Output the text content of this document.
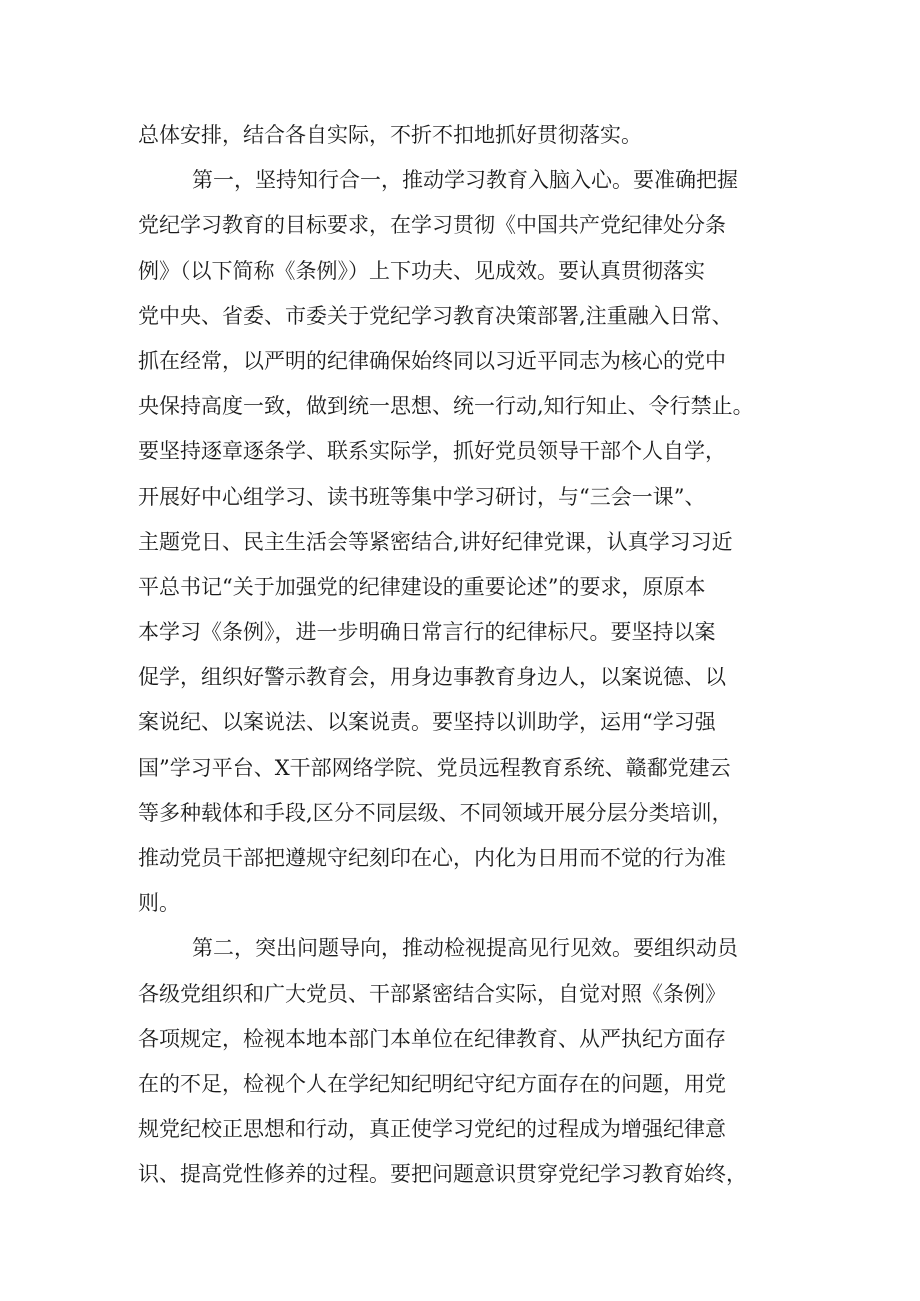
总体安排，结合各自实际，不折不扣地抓好贯彻落实。
第一，坚持知行合一，推动学习教育入脑入心。要准确把握
党纪学习教育的目标要求，在学习贯彻《中国共产党纪律处分条
例》（以下简称《条例》）上下功夫、见成效。要认真贯彻落实
党中央、省委、市委关于党纪学习教育决策部署,注重融入日常、
抓在经常，以严明的纪律确保始终同以习近平同志为核心的党中
央保持高度一致，做到统一思想、统一行动,知行知止、令行禁止。
要坚持逐章逐条学、联系实际学，抓好党员领导干部个人自学，
开展好中心组学习、读书班等集中学习研讨，与“三会一课”、
主题党日、民主生活会等紧密结合,讲好纪律党课，认真学习习近
平总书记“关于加强党的纪律建设的重要论述”的要求，原原本
本学习《条例》，进一步明确日常言行的纪律标尺。要坚持以案
促学，组织好警示教育会，用身边事教育身边人，以案说德、以
案说纪、以案说法、以案说责。要坚持以训助学，运用“学习强
国”学习平台、X干部网络学院、党员远程教育系统、赣鄱党建云
等多种载体和手段,区分不同层级、不同领域开展分层分类培训，
推动党员干部把遵规守纪刻印在心，内化为日用而不觉的行为准
则。
第二，突出问题导向，推动检视提高见行见效。要组织动员
各级党组织和广大党员、干部紧密结合实际，自觉对照《条例》
各项规定，检视本地本部门本单位在纪律教育、从严执纪方面存
在的不足，检视个人在学纪知纪明纪守纪方面存在的问题，用党
规党纪校正思想和行动，真正使学习党纪的过程成为增强纪律意
识、提高党性修养的过程。要把问题意识贯穿党纪学习教育始终，
